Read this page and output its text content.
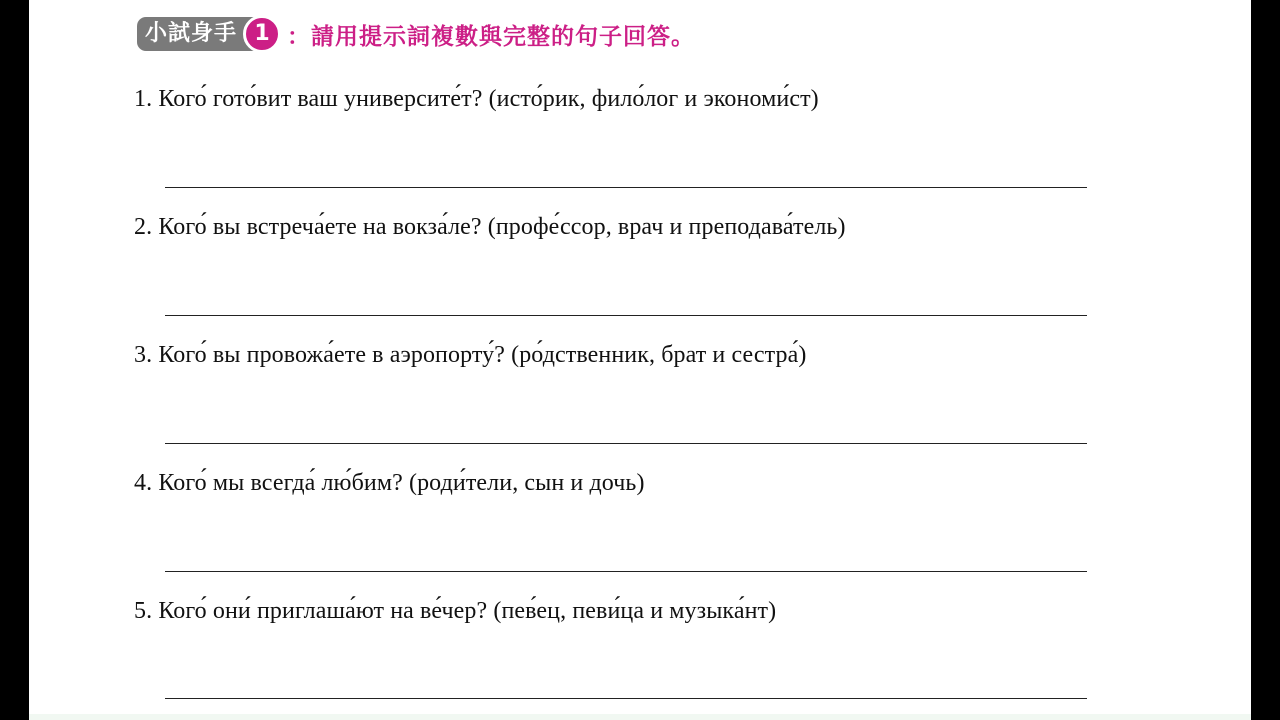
小試身手 1 ：請用提示詞複數與完整的句子回答。
1. Кого́ гото́вит ваш университе́т? (исто́рик, фило́лог и экономи́ст)
2. Кого́ вы встреча́ете на вокза́ле? (профе́ссор, врач и преподава́тель)
3. Кого́ вы провожа́ете в аэропорту́? (ро́дственник, брат и сестра́)
4. Кого́ мы всегда́ лю́бим? (роди́тели, сын и дочь)
5. Кого́ они́ приглаша́ют на ве́чер? (пев́ец, певи́ца и музыка́нт)
